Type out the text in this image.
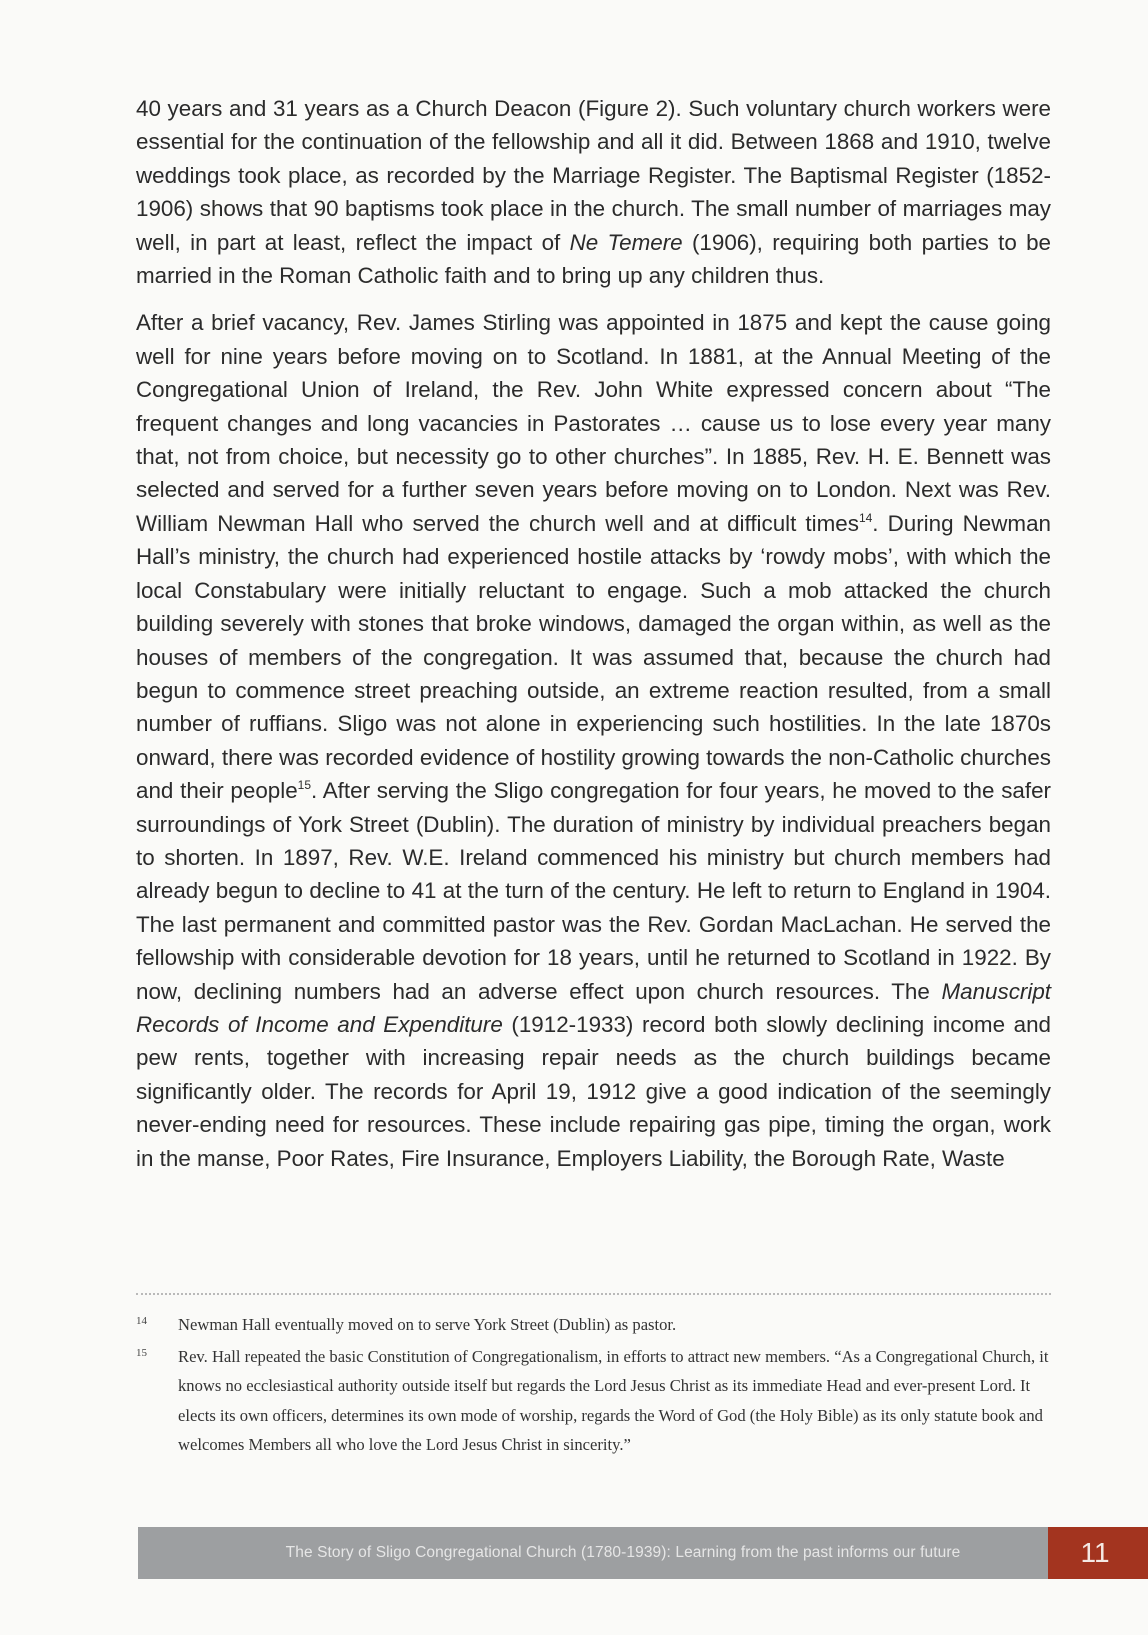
40 years and 31 years as a Church Deacon (Figure 2). Such voluntary church workers were essential for the continuation of the fellowship and all it did. Between 1868 and 1910, twelve weddings took place, as recorded by the Marriage Register. The Baptismal Register (1852-1906) shows that 90 baptisms took place in the church. The small number of marriages may well, in part at least, reflect the impact of Ne Temere (1906), requiring both parties to be married in the Roman Catholic faith and to bring up any children thus.

After a brief vacancy, Rev. James Stirling was appointed in 1875 and kept the cause going well for nine years before moving on to Scotland. In 1881, at the Annual Meeting of the Congregational Union of Ireland, the Rev. John White expressed concern about “The frequent changes and long vacancies in Pastorates … cause us to lose every year many that, not from choice, but necessity go to other churches”. In 1885, Rev. H. E. Bennett was selected and served for a further seven years before moving on to London. Next was Rev. William Newman Hall who served the church well and at difficult times$^{14}$. During Newman Hall’s ministry, the church had experienced hostile attacks by ‘rowdy mobs’, with which the local Constabulary were initially reluctant to engage. Such a mob attacked the church building severely with stones that broke windows, damaged the organ within, as well as the houses of members of the congregation. It was assumed that, because the church had begun to commence street preaching outside, an extreme reaction resulted, from a small number of ruffians. Sligo was not alone in experiencing such hostilities. In the late 1870s onward, there was recorded evidence of hostility growing towards the non-Catholic churches and their people$^{15}$. After serving the Sligo congregation for four years, he moved to the safer surroundings of York Street (Dublin). The duration of ministry by individual preachers began to shorten. In 1897, Rev. W.E. Ireland commenced his ministry but church members had already begun to decline to 41 at the turn of the century. He left to return to England in 1904. The last permanent and committed pastor was the Rev. Gordan MacLachan. He served the fellowship with considerable devotion for 18 years, until he returned to Scotland in 1922. By now, declining numbers had an adverse effect upon church resources. The Manuscript Records of Income and Expenditure (1912-1933) record both slowly declining income and pew rents, together with increasing repair needs as the church buildings became significantly older. The records for April 19, 1912 give a good indication of the seemingly never-ending need for resources. These include repairing gas pipe, timing the organ, work in the manse, Poor Rates, Fire Insurance, Employers Liability, the Borough Rate, Waste

14	Newman Hall eventually moved on to serve York Street (Dublin) as pastor.
15	Rev. Hall repeated the basic Constitution of Congregationalism, in efforts to attract new members. “As a Congregational Church, it knows no ecclesiastical authority outside itself but regards the Lord Jesus Christ as its immediate Head and ever-present Lord. It elects its own officers, determines its own mode of worship, regards the Word of God (the Holy Bible) as its only statute book and welcomes Members all who love the Lord Jesus Christ in sincerity.”
The Story of Sligo Congregational Church (1780-1939): Learning from the past informs our future	11
